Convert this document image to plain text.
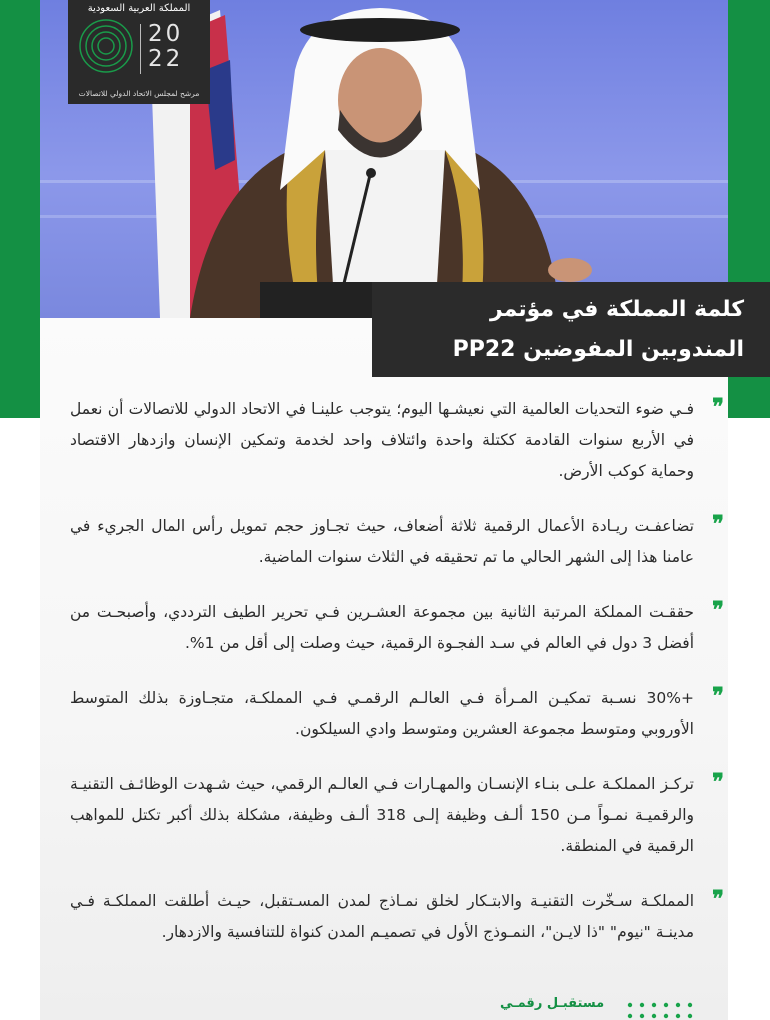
المملكة العربية السعودية
20
22
مرشح لمجلس الاتحاد الدولي للاتصالات
كلمة المملكة في مؤتمر
المندوبين المفوضين PP22
❞
فـي ضوء التحديات العالمية التي نعيشـها اليوم؛ يتوجب علينـا في الاتحاد الدولي للاتصالات أن نعمل في الأربع سنوات القادمة ككتلة واحدة وائتلاف واحد لخدمة وتمكين الإنسان وازدهار الاقتصاد وحماية كوكب الأرض.
❞
تضاعفـت ريـادة الأعمال الرقمية ثلاثة أضعاف، حيث تجـاوز حجم تمويل رأس المال الجريء في عامنا هذا إلى الشهر الحالي ما تم تحقيقه في الثلاث سنوات الماضية.
❞
حققـت المملكة المرتبة الثانية بين مجموعة العشـرين فـي تحرير الطيف الترددي، وأصبحـت من أفضل 3 دول في العالم في سـد الفجـوة الرقمية، حيث وصلت إلى أقل من 1%.
❞
+30% نسـبة تمكيـن المـرأة فـي العالـم الرقمـي فـي المملكـة، متجـاوزة بذلك المتوسط الأوروبي ومتوسط مجموعة العشرين ومتوسط وادي السيلكون.
❞
تركـز المملكـة علـى بنـاء الإنسـان والمهـارات فـي العالـم الرقمي، حيث شـهدت الوظائـف التقنيـة والرقميـة نمـواً مـن 150 ألـف وظيفة إلـى 318 ألـف وظيفة، مشكلة بذلك أكبر تكتل للمواهب الرقمية في المنطقة.
❞
المملكـة سـخّرت التقنيـة والابتـكار لخلق نمـاذج لمدن المسـتقبل، حيـث أطلقت المملكـة فـي مدينـة "نيوم" "ذا لايـن"، النمـوذج الأول في تصميـم المدن كنواة للتنافسية والازدهار.
مستقبـل رقمـي
